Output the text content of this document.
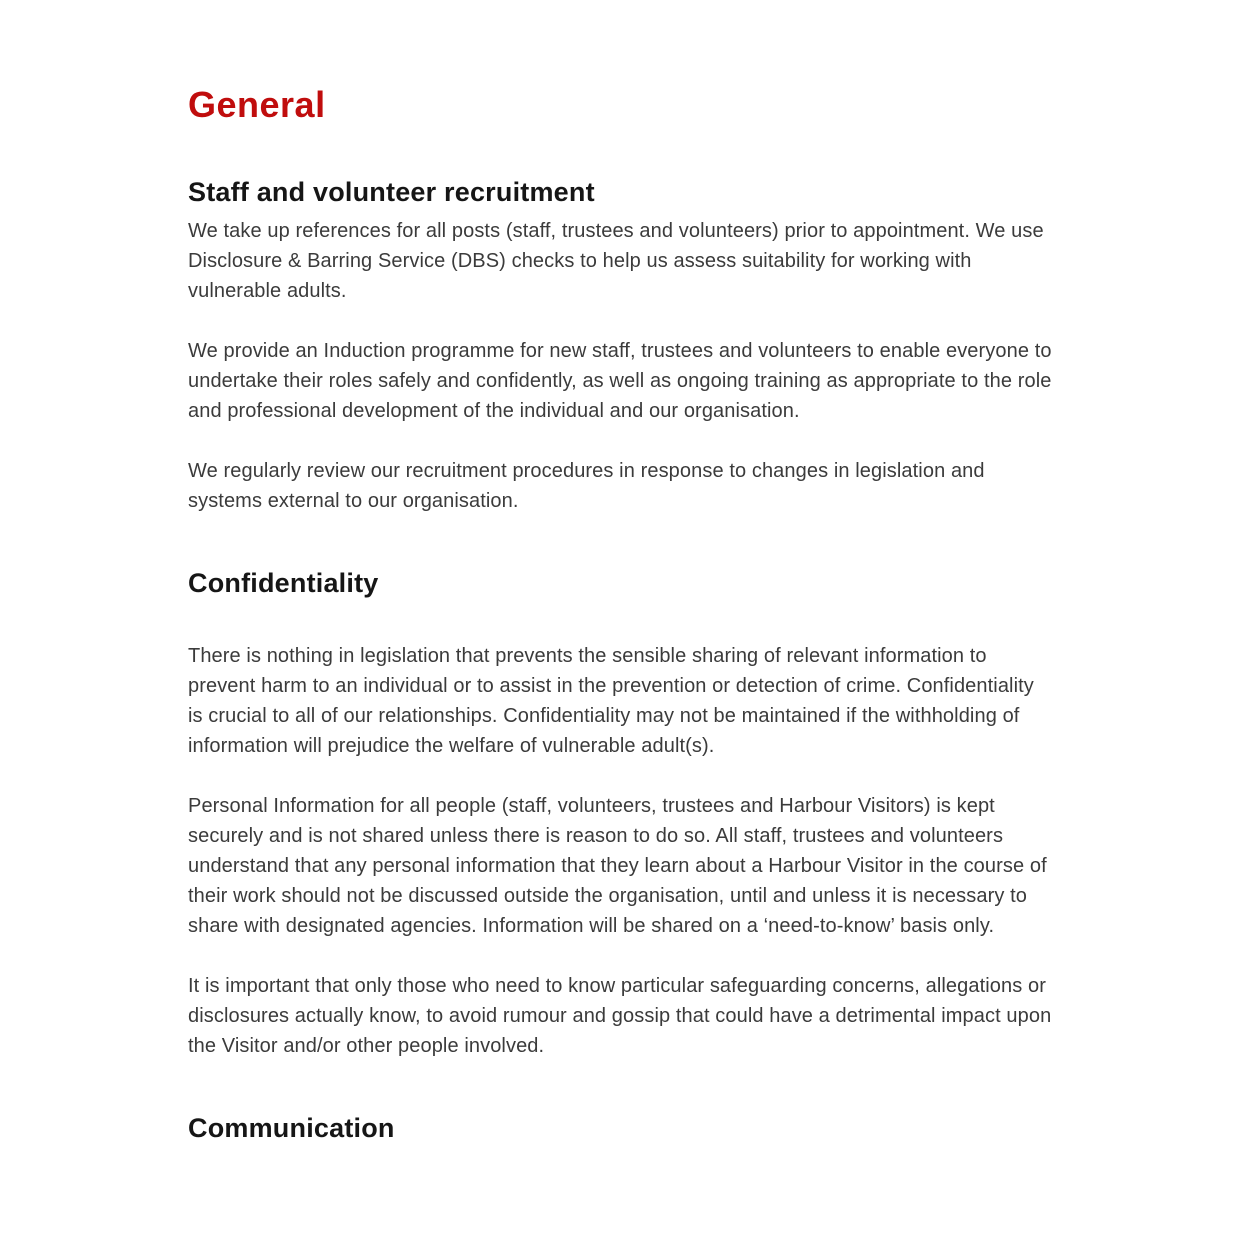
General
Staff and volunteer recruitment

We take up references for all posts (staff, trustees and volunteers) prior to appointment. We use Disclosure & Barring Service (DBS) checks to help us assess suitability for working with vulnerable adults.

We provide an Induction programme for new staff, trustees and volunteers to enable everyone to undertake their roles safely and confidently, as well as ongoing training as appropriate to the role and professional development of the individual and our organisation.

We regularly review our recruitment procedures in response to changes in legislation and systems external to our organisation.

Confidentiality

There is nothing in legislation that prevents the sensible sharing of relevant information to prevent harm to an individual or to assist in the prevention or detection of crime. Confidentiality is crucial to all of our relationships. Confidentiality may not be maintained if the withholding of information will prejudice the welfare of vulnerable adult(s).

Personal Information for all people (staff, volunteers, trustees and Harbour Visitors) is kept securely and is not shared unless there is reason to do so. All staff, trustees and volunteers understand that any personal information that they learn about a Harbour Visitor in the course of their work should not be discussed outside the organisation, until and unless it is necessary to share with designated agencies. Information will be shared on a ‘need-to-know’ basis only.

It is important that only those who need to know particular safeguarding concerns, allegations or disclosures actually know, to avoid rumour and gossip that could have a detrimental impact upon the Visitor and/or other people involved.

Communication
